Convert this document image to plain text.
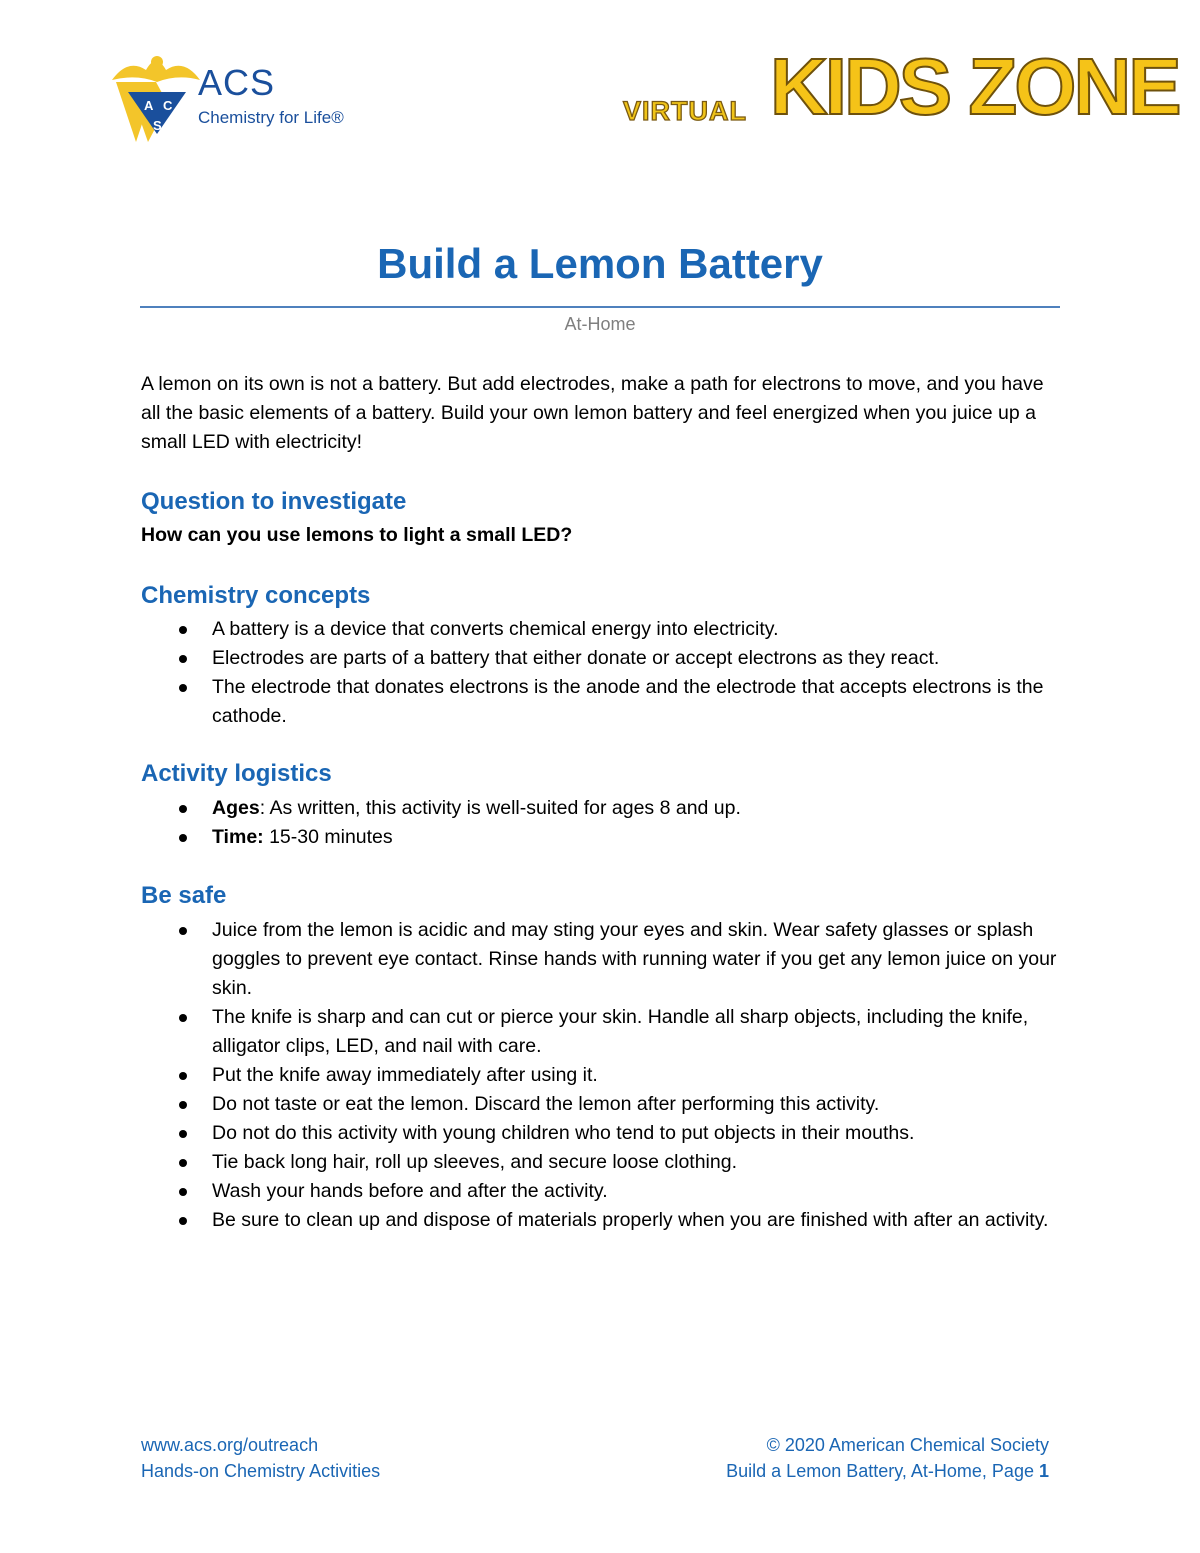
A C
S
ACS
Chemistry for Life®	VIRTUAL KIDS ZONE
Build a Lemon Battery
At-Home
A lemon on its own is not a battery. But add electrodes, make a path for electrons to move, and you have all the basic elements of a battery. Build your own lemon battery and feel energized when you juice up a small LED with electricity!
Question to investigate
How can you use lemons to light a small LED?
Chemistry concepts
A battery is a device that converts chemical energy into electricity.
Electrodes are parts of a battery that either donate or accept electrons as they react.
The electrode that donates electrons is the anode and the electrode that accepts electrons is the cathode.
Activity logistics
Ages: As written, this activity is well-suited for ages 8 and up.
Time: 15-30 minutes
Be safe
Juice from the lemon is acidic and may sting your eyes and skin. Wear safety glasses or splash goggles to prevent eye contact. Rinse hands with running water if you get any lemon juice on your skin.
The knife is sharp and can cut or pierce your skin. Handle all sharp objects, including the knife, alligator clips, LED, and nail with care.
Put the knife away immediately after using it.
Do not taste or eat the lemon. Discard the lemon after performing this activity.
Do not do this activity with young children who tend to put objects in their mouths.
Tie back long hair, roll up sleeves, and secure loose clothing.
Wash your hands before and after the activity.
Be sure to clean up and dispose of materials properly when you are finished with after an activity.
www.acs.org/outreach
Hands-on Chemistry Activities
© 2020 American Chemical Society
Build a Lemon Battery, At-Home, Page 1
